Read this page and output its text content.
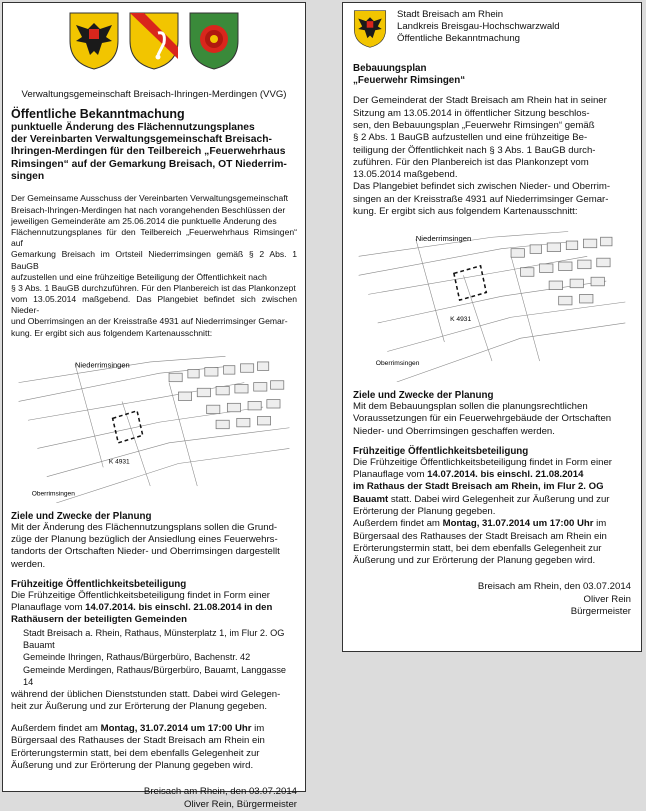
Verwaltungsgemeinschaft Breisach-Ihringen-Merdingen (VVG)
Öffentliche Bekanntmachung
punktuelle Änderung des Flächennutzungsplanes
der Vereinbarten Verwaltungsgemeinschaft Breisach-
Ihringen-Merdingen für den Teilbereich „Feuerwehrhaus
Rimsingen“ auf der Gemarkung Breisach, OT Niederrim-
singen
Der Gemeinsame Ausschuss der Vereinbarten Verwaltungsgemeinschaft
Breisach-Ihringen-Merdingen hat nach vorangehenden Beschlüssen der
jeweiligen Gemeinderäte am 25.06.2014 die punktuelle Änderung des
Flächennutzungsplanes für den Teilbereich „Feuerwehrhaus Rimsingen“ auf
Gemarkung Breisach im Ortsteil Niederrimsingen gemäß § 2 Abs. 1 BauGB
aufzustellen und eine frühzeitige Beteiligung der Öffentlichkeit nach
§ 3 Abs. 1 BauGB durchzuführen. Für den Planbereich ist das Plankonzept
vom 13.05.2014 maßgebend. Das Plangebiet befindet sich zwischen Nieder-
und Oberrimsingen an der Kreisstraße 4931 auf Niederrimsinger Gemar-
kung. Er ergibt sich aus folgendem Kartenausschnitt:
Niederrimsingen
K 4931
Oberrimsingen
Ziele und Zwecke der Planung
Mit der Änderung des Flächennutzungsplans sollen die Grund-
züge der Planung bezüglich der Ansiedlung eines Feuerwehrs-
tandorts der Ortschaften Nieder- und Oberrimsingen dargestellt
werden.
Frühzeitige Öffentlichkeitsbeteiligung
Die Frühzeitige Öffentlichkeitsbeteiligung findet in Form einer
Planauflage vom 14.07.2014. bis einschl. 21.08.2014 in den
Rathäusern der beteiligten Gemeinden
Stadt Breisach a. Rhein, Rathaus, Münsterplatz 1, im Flur 2. OG Bauamt
Gemeinde Ihringen, Rathaus/Bürgerbüro, Bachenstr. 42
Gemeinde Merdingen, Rathaus/Bürgerbüro, Bauamt, Langgasse 14
während der üblichen Dienststunden statt. Dabei wird Gelegen-
heit zur Äußerung und zur Erörterung der Planung gegeben.
Außerdem findet am Montag, 31.07.2014 um 17:00 Uhr im
Bürgersaal des Rathauses der Stadt Breisach am Rhein ein
Erörterungstermin statt, bei dem ebenfalls Gelegenheit zur
Äußerung und zur Erörterung der Planung gegeben wird.
Breisach am Rhein, den 03.07.2014
Oliver Rein, Bürgermeister
Stadt Breisach am Rhein
Landkreis Breisgau-Hochschwarzwald
Öffentliche Bekanntmachung
Bebauungsplan
„Feuerwehr Rimsingen“
Der Gemeinderat der Stadt Breisach am Rhein hat in seiner
Sitzung am 13.05.2014 in öffentlicher Sitzung beschlos-
sen, den Bebauungsplan „Feuerwehr Rimsingen“ gemäß
§ 2 Abs. 1 BauGB aufzustellen und eine frühzeitige Be-
teiligung der Öffentlichkeit nach § 3 Abs. 1 BauGB durch-
zuführen. Für den Planbereich ist das Plankonzept vom
13.05.2014 maßgebend.
Das Plangebiet befindet sich zwischen Nieder- und Oberrim-
singen an der Kreisstraße 4931 auf Niederrimsinger Gemar-
kung. Er ergibt sich aus folgendem Kartenausschnitt:
Niederrimsingen
K 4931
Oberrimsingen
Ziele und Zwecke der Planung
Mit dem Bebauungsplan sollen die planungsrechtlichen
Voraussetzungen für ein Feuerwehrgebäude der Ortschaften
Nieder- und Oberrimsingen geschaffen werden.
Frühzeitige Öffentlichkeitsbeteiligung
Die Frühzeitige Öffentlichkeitsbeteiligung findet in Form einer
Planauflage vom 14.07.2014. bis einschl. 21.08.2014
im Rathaus der Stadt Breisach am Rhein, im Flur 2. OG
Bauamt statt. Dabei wird Gelegenheit zur Äußerung und zur
Erörterung der Planung gegeben.
Außerdem findet am Montag, 31.07.2014 um 17:00 Uhr im
Bürgersaal des Rathauses der Stadt Breisach am Rhein ein
Erörterungstermin statt, bei dem ebenfalls Gelegenheit zur
Äußerung und zur Erörterung der Planung gegeben wird.
Breisach am Rhein, den 03.07.2014
Oliver Rein
Bürgermeister
